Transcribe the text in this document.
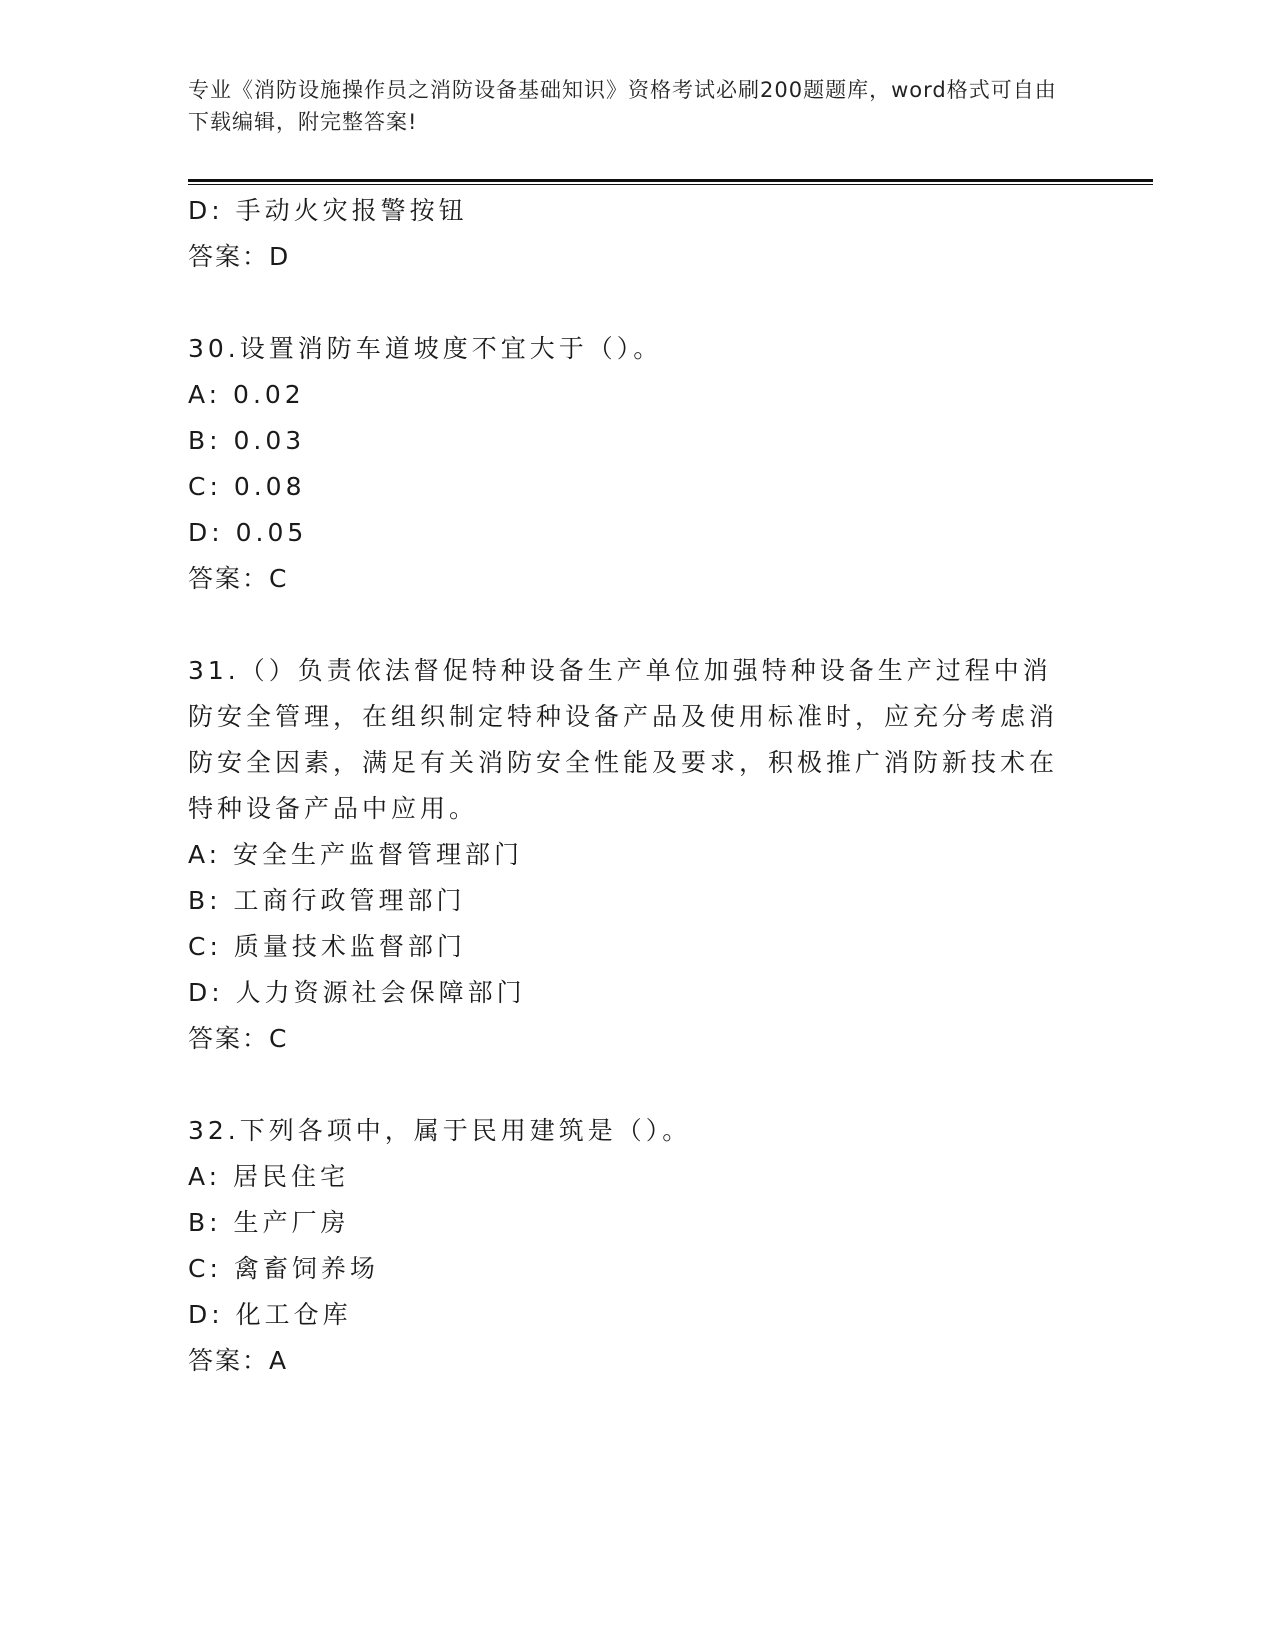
专业《消防设施操作员之消防设备基础知识》资格考试必刷200题题库，word格式可自由下载编辑，附完整答案!
D: 手动火灾报警按钮
答案：D
30.设置消防车道坡度不宜大于（）。
A: 0.02
B: 0.03
C: 0.08
D: 0.05
答案：C
31.（）负责依法督促特种设备生产单位加强特种设备生产过程中消防安全管理，在组织制定特种设备产品及使用标准时，应充分考虑消防安全因素，满足有关消防安全性能及要求，积极推广消防新技术在特种设备产品中应用。
A: 安全生产监督管理部门
B: 工商行政管理部门
C: 质量技术监督部门
D: 人力资源社会保障部门
答案：C
32.下列各项中，属于民用建筑是（）。
A: 居民住宅
B: 生产厂房
C: 禽畜饲养场
D: 化工仓库
答案：A
